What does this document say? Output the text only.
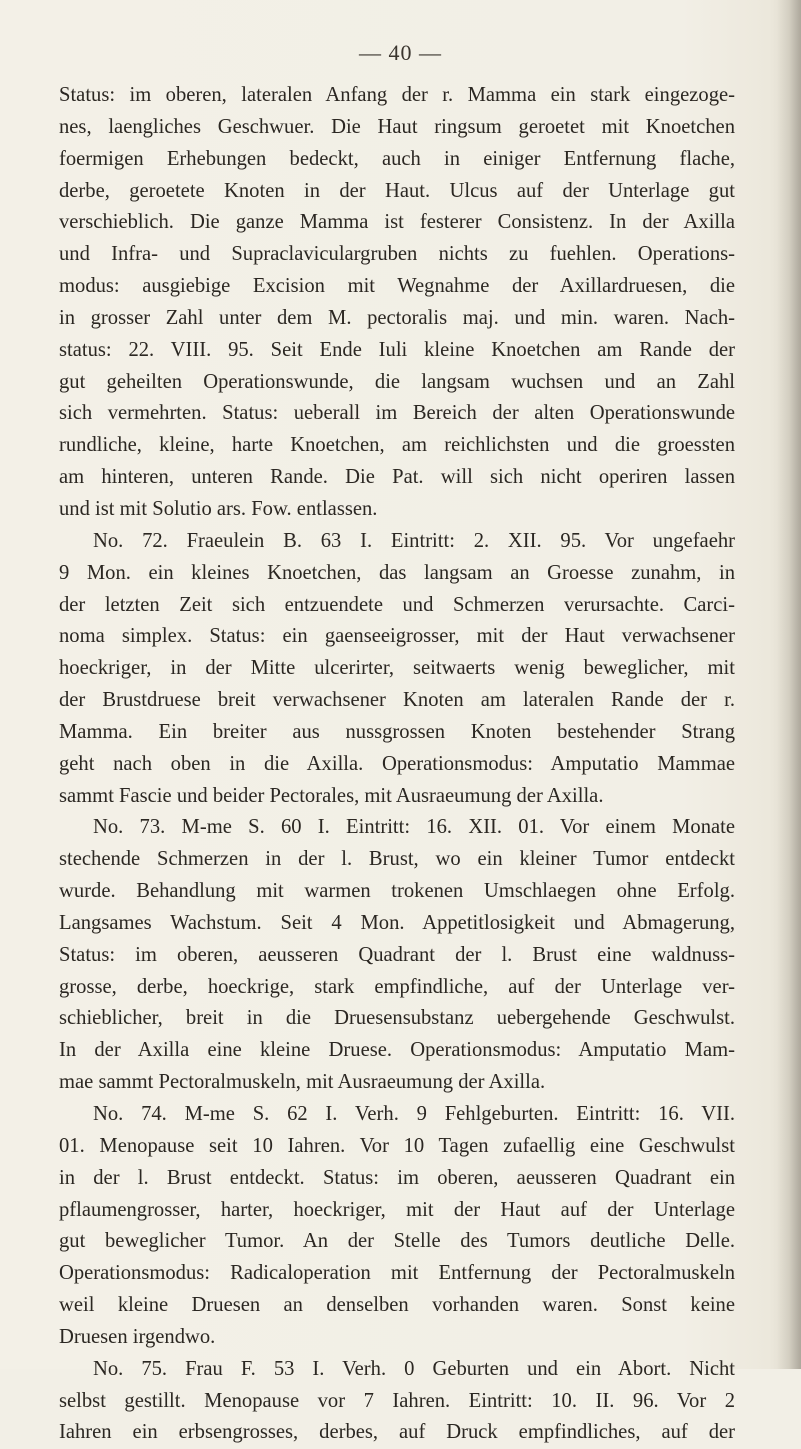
— 40 —
Status: im oberen, lateralen Anfang der r. Mamma ein stark eingezoge-
nes, laengliches Geschwuer. Die Haut ringsum geroetet mit Knoetchen
foermigen Erhebungen bedeckt, auch in einiger Entfernung flache,
derbe, geroetete Knoten in der Haut. Ulcus auf der Unterlage gut
verschieblich. Die ganze Mamma ist festerer Consistenz. In der Axilla
und Infra- und Supraclaviculargruben nichts zu fuehlen. Operations-
modus: ausgiebige Excision mit Wegnahme der Axillardruesen, die
in grosser Zahl unter dem M. pectoralis maj. und min. waren. Nach-
status: 22. VIII. 95. Seit Ende Iuli kleine Knoetchen am Rande der
gut geheilten Operationswunde, die langsam wuchsen und an Zahl
sich vermehrten. Status: ueberall im Bereich der alten Operationswunde
rundliche, kleine, harte Knoetchen, am reichlichsten und die groessten
am hinteren, unteren Rande. Die Pat. will sich nicht operiren lassen
und ist mit Solutio ars. Fow. entlassen.
No. 72. Fraeulein B. 63 I. Eintritt: 2. XII. 95. Vor ungefaehr
9 Mon. ein kleines Knoetchen, das langsam an Groesse zunahm, in
der letzten Zeit sich entzuendete und Schmerzen verursachte. Carci-
noma simplex. Status: ein gaenseeigrosser, mit der Haut verwachsener
hoeckriger, in der Mitte ulcerirter, seitwaerts wenig beweglicher, mit
der Brustdruese breit verwachsener Knoten am lateralen Rande der r.
Mamma. Ein breiter aus nussgrossen Knoten bestehender Strang
geht nach oben in die Axilla. Operationsmodus: Amputatio Mammae
sammt Fascie und beider Pectorales, mit Ausraeumung der Axilla.
No. 73. M-me S. 60 I. Eintritt: 16. XII. 01. Vor einem Monate
stechende Schmerzen in der l. Brust, wo ein kleiner Tumor entdeckt
wurde. Behandlung mit warmen trokenen Umschlaegen ohne Erfolg.
Langsames Wachstum. Seit 4 Mon. Appetitlosigkeit und Abmagerung,
Status: im oberen, aeusseren Quadrant der l. Brust eine waldnuss-
grosse, derbe, hoeckrige, stark empfindliche, auf der Unterlage ver-
schieblicher, breit in die Druesensubstanz uebergehende Geschwulst.
In der Axilla eine kleine Druese. Operationsmodus: Amputatio Mam-
mae sammt Pectoralmuskeln, mit Ausraeumung der Axilla.
No. 74. M-me S. 62 I. Verh. 9 Fehlgeburten. Eintritt: 16. VII.
01. Menopause seit 10 Iahren. Vor 10 Tagen zufaellig eine Geschwulst
in der l. Brust entdeckt. Status: im oberen, aeusseren Quadrant ein
pflaumengrosser, harter, hoeckriger, mit der Haut auf der Unterlage
gut beweglicher Tumor. An der Stelle des Tumors deutliche Delle.
Operationsmodus: Radicaloperation mit Entfernung der Pectoralmuskeln
weil kleine Druesen an denselben vorhanden waren. Sonst keine
Druesen irgendwo.
No. 75. Frau F. 53 I. Verh. 0 Geburten und ein Abort. Nicht
selbst gestillt. Menopause vor 7 Iahren. Eintritt: 10. II. 96. Vor 2
Iahren ein erbsengrosses, derbes, auf Druck empfindliches, auf der
